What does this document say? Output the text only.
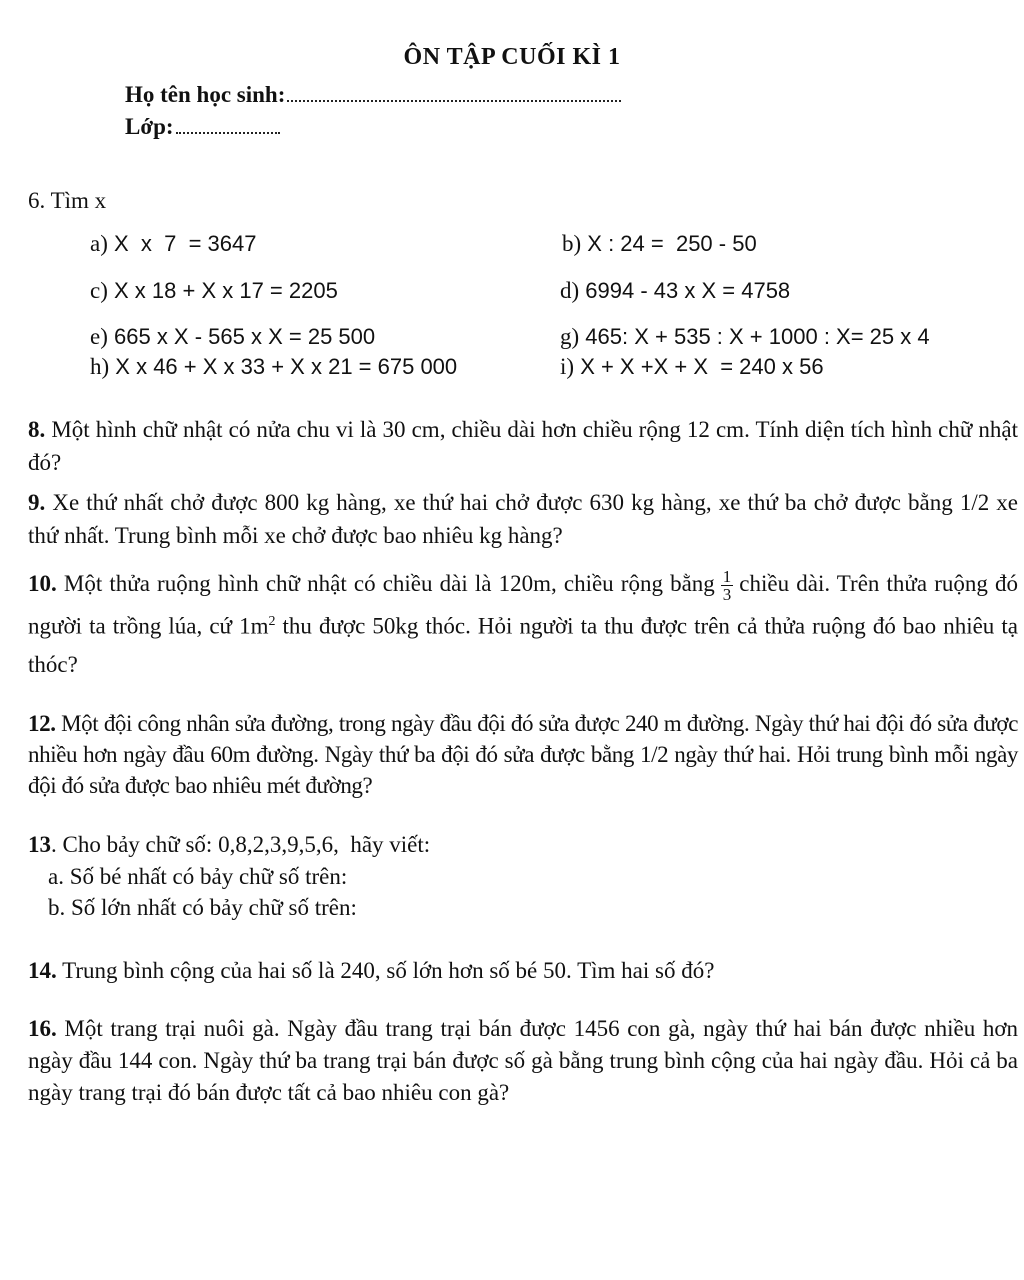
ÔN TẬP CUỐI KÌ 1
Họ tên học sinh:
Lớp:
6. Tìm x
a) X  x  7  = 3647	b) X : 24 =  250 - 50
c) X x 18 + X x 17 = 2205	d) 6994 - 43 x X = 4758
e) 665 x X - 565 x X = 25 500	g) 465: X + 535 : X + 1000 : X= 25 x 4
h) X x 46 + X x 33 + X x 21 = 675 000	i) X + X +X + X  = 240 x 56
8. Một hình chữ nhật có nửa chu vi là 30 cm, chiều dài hơn chiều rộng 12 cm. Tính diện tích hình chữ nhật đó?
9. Xe thứ nhất chở được 800 kg hàng, xe thứ hai chở được 630 kg hàng, xe thứ ba chở được bằng 1/2 xe thứ nhất. Trung bình mỗi xe chở được bao nhiêu kg hàng?
10. Một thửa ruộng hình chữ nhật có chiều dài là 120m, chiều rộng bằng $\frac{1}{3}$ chiều dài. Trên thửa ruộng đó người ta trồng lúa, cứ $1m^2$ thu được 50kg thóc. Hỏi người ta thu được trên cả thửa ruộng đó bao nhiêu tạ thóc?
12. Một đội công nhân sửa đường, trong ngày đầu đội đó sửa được 240 m đường. Ngày thứ hai đội đó sửa được nhiều hơn ngày đầu 60m đường. Ngày thứ ba đội đó sửa được bằng 1/2 ngày thứ hai. Hỏi trung bình mỗi ngày đội đó sửa được bao nhiêu mét đường?
13. Cho bảy chữ số: 0,8,2,3,9,5,6,  hãy viết:
a. Số bé nhất có bảy chữ số trên:
b. Số lớn nhất có bảy chữ số trên:
14. Trung bình cộng của hai số là 240, số lớn hơn số bé 50. Tìm hai số đó?
16. Một trang trại nuôi gà. Ngày đầu trang trại bán được 1456 con gà, ngày thứ hai bán được nhiều hơn ngày đầu 144 con. Ngày thứ ba trang trại bán được số gà bằng trung bình cộng của hai ngày đầu. Hỏi cả ba ngày trang trại đó bán được tất cả bao nhiêu con gà?
